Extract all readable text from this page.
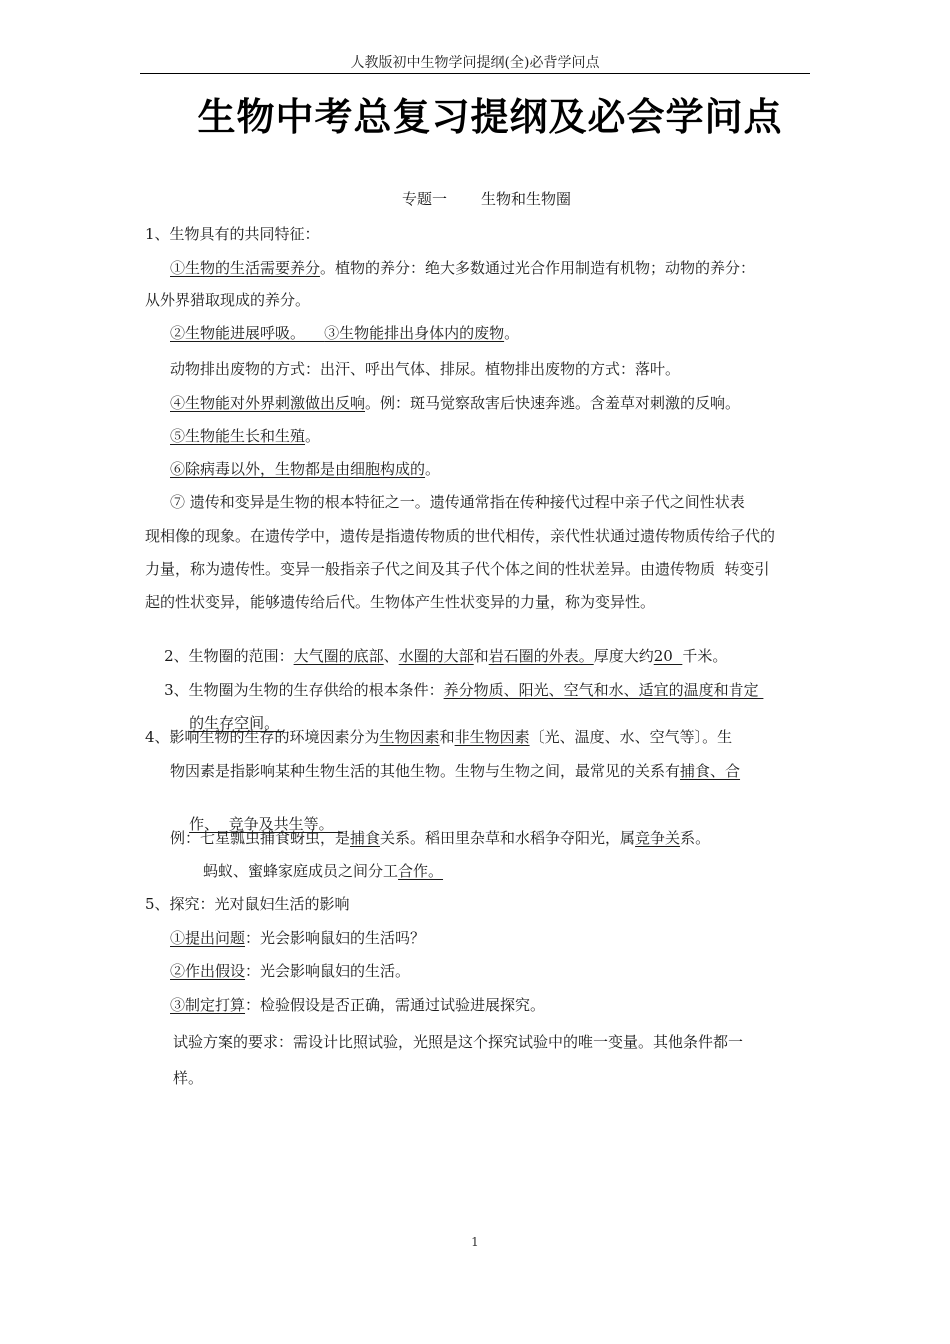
人教版初中生物学问提纲(全)必背学问点
生物中考总复习提纲及必会学问点
专题一 生物和生物圈
1、生物具有的共同特征：
①生物的生活需要养分。植物的养分：绝大多数通过光合作用制造有机物；动物的养分：
从外界猎取现成的养分。
②生物能进展呼吸。 ③生物能排出身体内的废物。
动物排出废物的方式：出汗、呼出气体、排尿。植物排出废物的方式：落叶。
④生物能对外界刺激做出反响。例：斑马觉察敌害后快速奔逃。含羞草对刺激的反响。
⑤生物能生长和生殖。
⑥除病毒以外，生物都是由细胞构成的。
⑦ 遗传和变异是生物的根本特征之一。遗传通常指在传种接代过程中亲子代之间性状表
现相像的现象。在遗传学中，遗传是指遗传物质的世代相传，亲代性状通过遗传物质传给子代的
力量，称为遗传性。变异一般指亲子代之间及其子代个体之间的性状差异。由遗传物质  转变引
起的性状变异，能够遗传给后代。生物体产生性状变异的力量，称为变异性。

2、生物圈的范围：大气圈的底部、水圈的大部和岩石圈的外表。厚度大约20  千米。

3、生物圈为生物的生存供给的根本条件：养分物质、阳光、空气和水、适宜的温度和肯定

的生存空间。

4、影响生物的生存的环境因素分为生物因素和非生物因素〔光、温度、水、空气等〕。生
物因素是指影响某种生物生活的其他生物。生物与生物之间，最常见的关系有捕食、合

作、  竞争及共生等。

例：七星瓢虫捕食蚜虫，是捕食关系。稻田里杂草和水稻争夺阳光，属竞争关系。
蚂蚁、蜜蜂家庭成员之间分工合作。
5、探究：光对鼠妇生活的影响
①提出问题：光会影响鼠妇的生活吗？
②作出假设：光会影响鼠妇的生活。
③制定打算：检验假设是否正确，需通过试验进展探究。
试验方案的要求：需设计比照试验，光照是这个探究试验中的唯一变量。其他条件都一
样。
1
